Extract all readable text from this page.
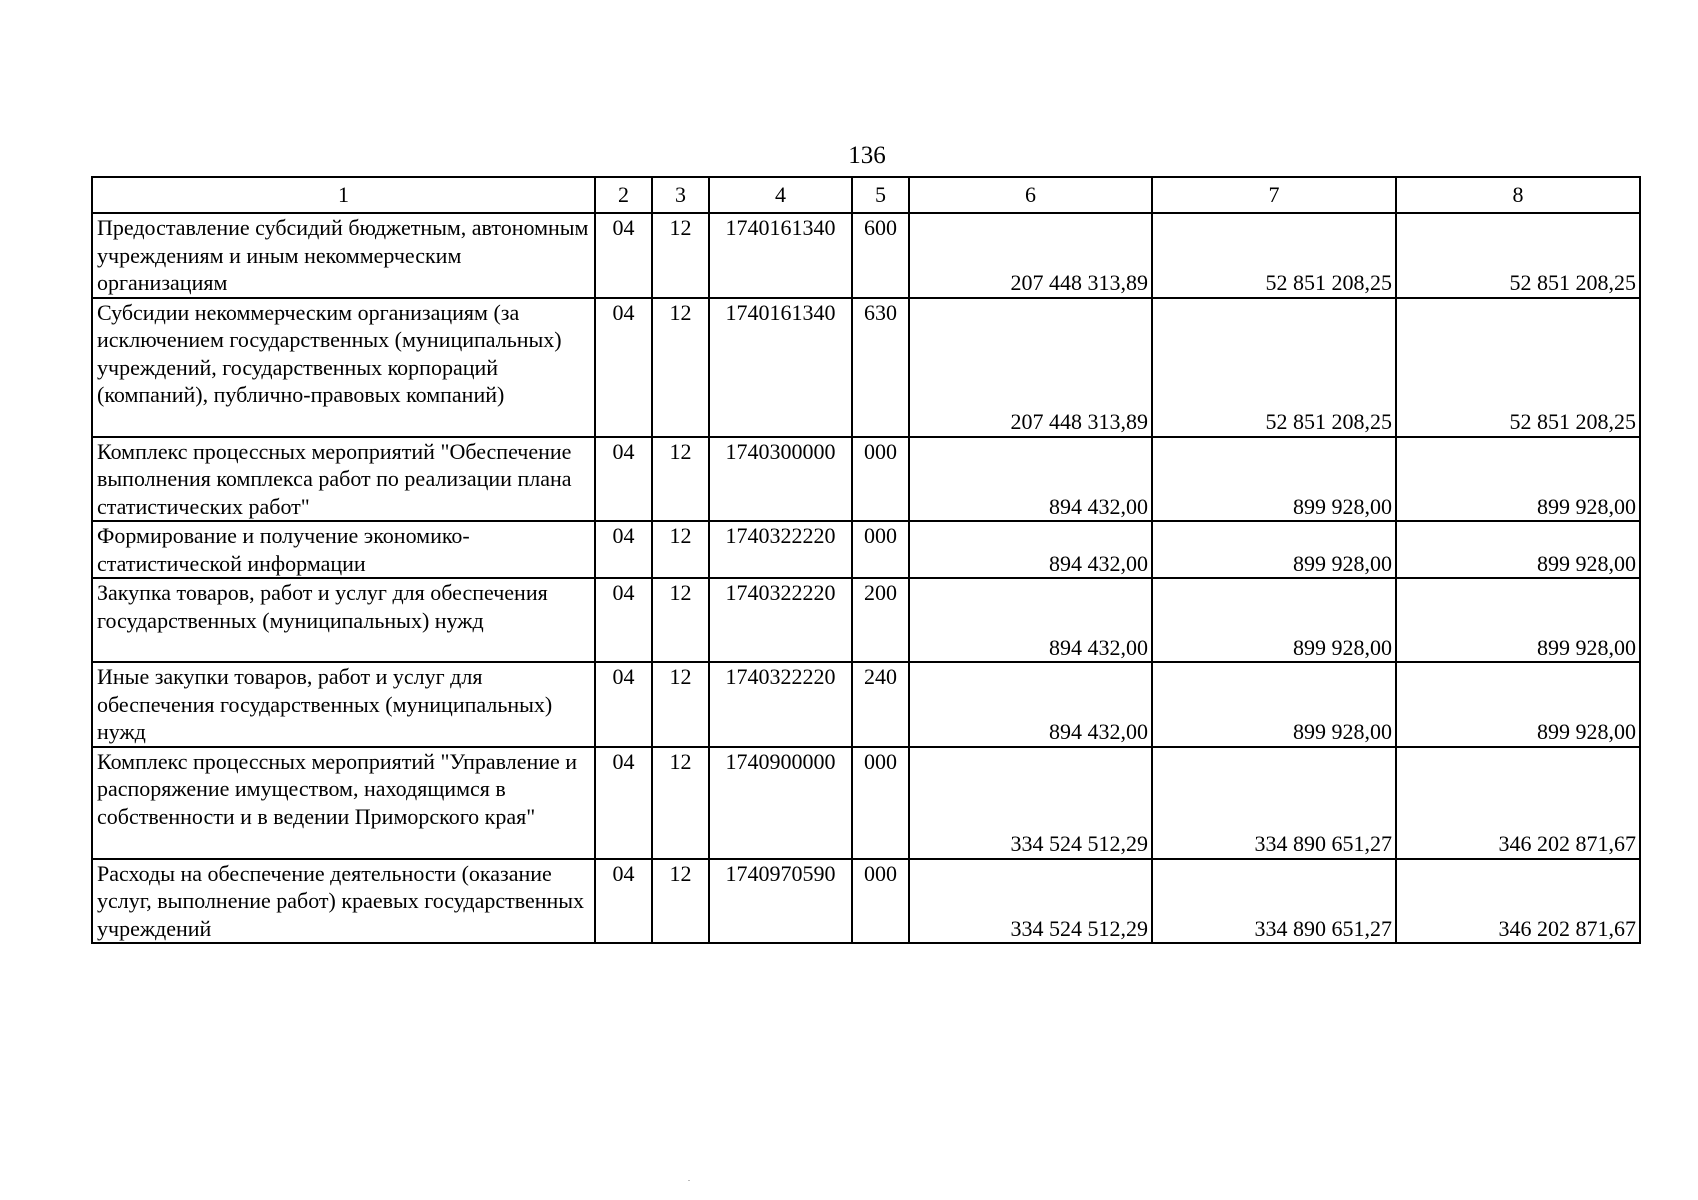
136
1	2	3	4	5	6	7	8
Предоставление субсидий бюджетным, автономным учреждениям и иным некоммерческим организациям	04	12	1740161340	600	207 448 313,89	52 851 208,25	52 851 208,25
Субсидии некоммерческим организациям (за исключением государственных (муниципальных) учреждений, государственных корпораций (компаний), публично-правовых компаний)	04	12	1740161340	630	207 448 313,89	52 851 208,25	52 851 208,25
Комплекс процессных мероприятий "Обеспечение выполнения комплекса работ по реализации плана статистических работ"	04	12	1740300000	000	894 432,00	899 928,00	899 928,00
Формирование и получение экономико-статистической информации	04	12	1740322220	000	894 432,00	899 928,00	899 928,00
Закупка товаров, работ и услуг для обеспечения государственных (муниципальных) нужд	04	12	1740322220	200	894 432,00	899 928,00	899 928,00
Иные закупки товаров, работ и услуг для обеспечения государственных (муниципальных) нужд	04	12	1740322220	240	894 432,00	899 928,00	899 928,00
Комплекс процессных мероприятий "Управление и распоряжение имуществом, находящимся в собственности и в ведении Приморского края"	04	12	1740900000	000	334 524 512,29	334 890 651,27	346 202 871,67
Расходы на обеспечение деятельности (оказание услуг, выполнение работ) краевых государственных учреждений	04	12	1740970590	000	334 524 512,29	334 890 651,27	346 202 871,67
